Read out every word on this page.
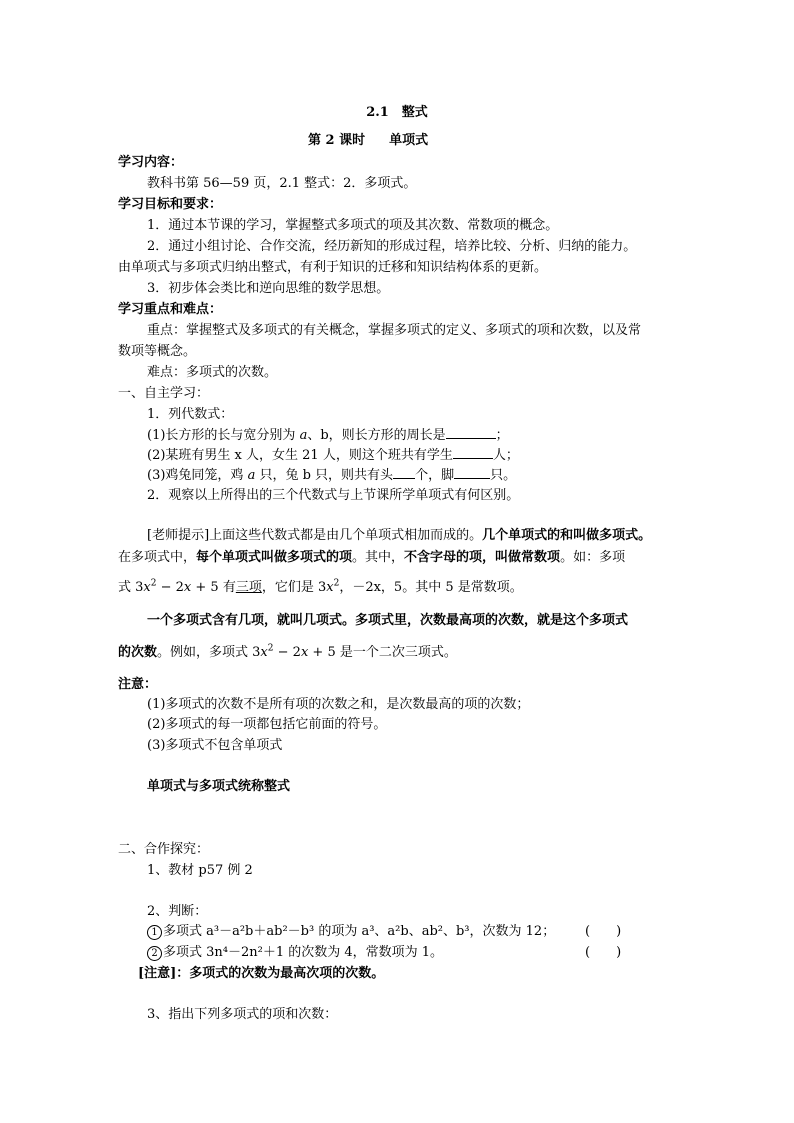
2.1　整式
第 2 课时 单项式
学习内容：
教科书第 56—59 页，2.1 整式：2．多项式。
学习目标和要求：
1．通过本节课的学习，掌握整式多项式的项及其次数、常数项的概念。
2．通过小组讨论、合作交流，经历新知的形成过程，培养比较、分析、归纳的能力。
由单项式与多项式归纳出整式，有利于知识的迁移和知识结构体系的更新。
3．初步体会类比和逆向思维的数学思想。
学习重点和难点：
重点：掌握整式及多项式的有关概念，掌握多项式的定义、多项式的项和次数，以及常
数项等概念。
难点：多项式的次数。
一、自主学习：
1．列代数式：
(1)长方形的长与宽分别为 a、b，则长方形的周长是	；
(2)某班有男生 x 人，女生 21 人，则这个班共有学生	人；
(3)鸡兔同笼，鸡 a 只，兔 b 只，则共有头 个，脚	只。
2．观察以上所得出的三个代数式与上节课所学单项式有何区别。
[老师提示]上面这些代数式都是由几个单项式相加而成的。几个单项式的和叫做多项式。
在多项式中，每个单项式叫做多项式的项。其中，不含字母的项，叫做常数项。如：多项
式 $3x^2 - 2x + 5$ 有三项，它们是 $3x^2$，－2x，5。其中 5 是常数项。
一个多项式含有几项，就叫几项式。多项式里，次数最高项的次数，就是这个多项式
的次数。例如，多项式 $3x^2 - 2x + 5$ 是一个二次三项式。
注意：
(1)多项式的次数不是所有项的次数之和，是次数最高的项的次数；
(2)多项式的每一项都包括它前面的符号。
(3)多项式不包含单项式
单项式与多项式统称整式
二、合作探究：
1、教材 p57 例 2
2、判断：
1 多项式 a³－a²b＋ab²－b³ 的项为 a³、a²b、ab²、b³，次数为 12； (　　)
2 多项式 3n⁴－2n²＋1 的次数为 4，常数项为 1。	(　　)
[注意]：多项式的次数为最高次项的次数。
3、指出下列多项式的项和次数：
